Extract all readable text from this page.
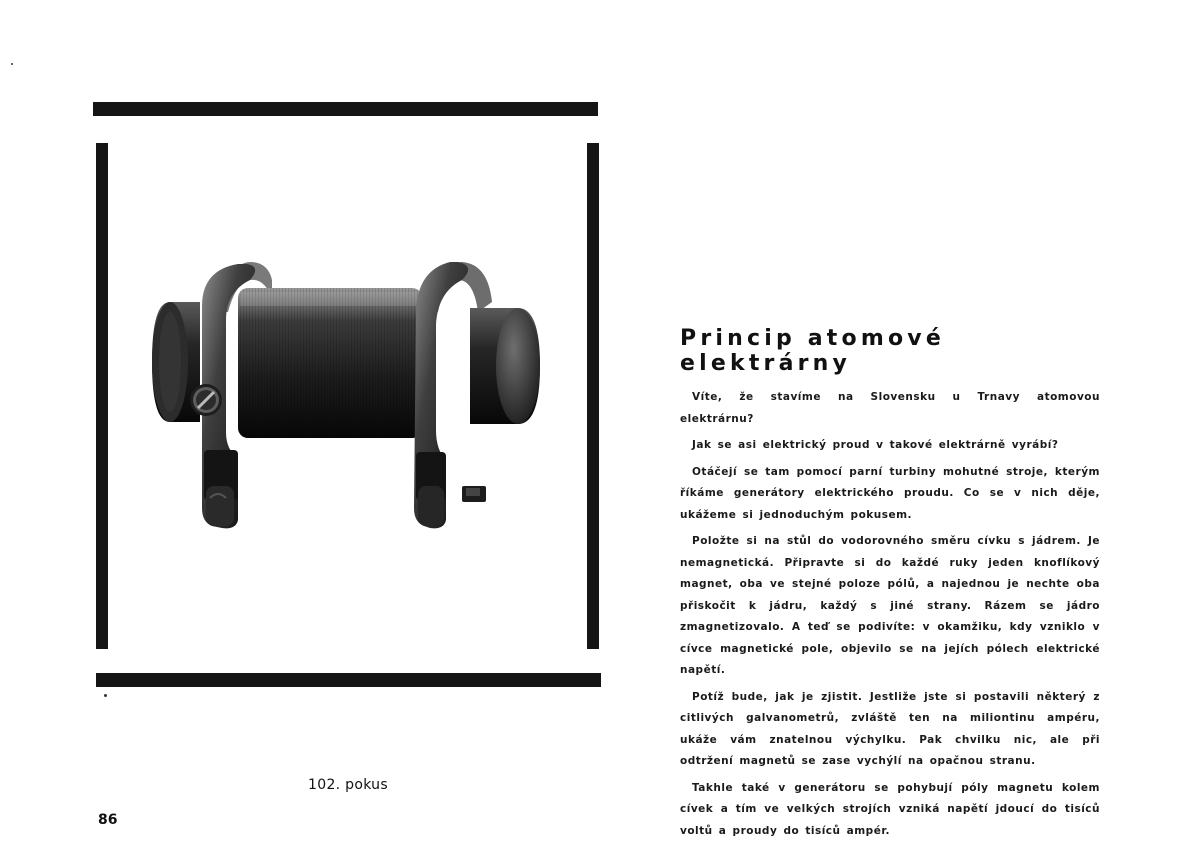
102. pokus
86
Princip atomové elektrárny

Víte, že stavíme na Slovensku u Trnavy atomovou elektrárnu?

Jak se asi elektrický proud v takové elektrárně vyrábí?

Otáčejí se tam pomocí parní turbiny mohutné stroje, kterým říkáme generátory elektrického proudu. Co se v nich děje, ukážeme si jednoduchým pokusem.

Položte si na stůl do vodorovného směru cívku s jádrem. Je nemagnetická. Připravte si do každé ruky jeden knoflíkový magnet, oba ve stejné poloze pólů, a najednou je nechte oba přiskočit k jádru, každý s jiné strany. Rázem se jádro zmagnetizovalo. A teď se podivíte: v okamžiku, kdy vzniklo v cívce magnetické pole, objevilo se na jejích pólech elektrické napětí.

Potíž bude, jak je zjistit. Jestliže jste si postavili některý z citlivých galvanometrů, zvláště ten na miliontinu ampéru, ukáže vám znatelnou výchylku. Pak chvilku nic, ale při odtržení magnetů se zase vychýlí na opačnou stranu.

Takhle také v generátoru se pohybují póly magnetu kolem cívek a tím ve velkých strojích vzniká napětí jdoucí do tisíců voltů a proudy do tisíců ampér.
